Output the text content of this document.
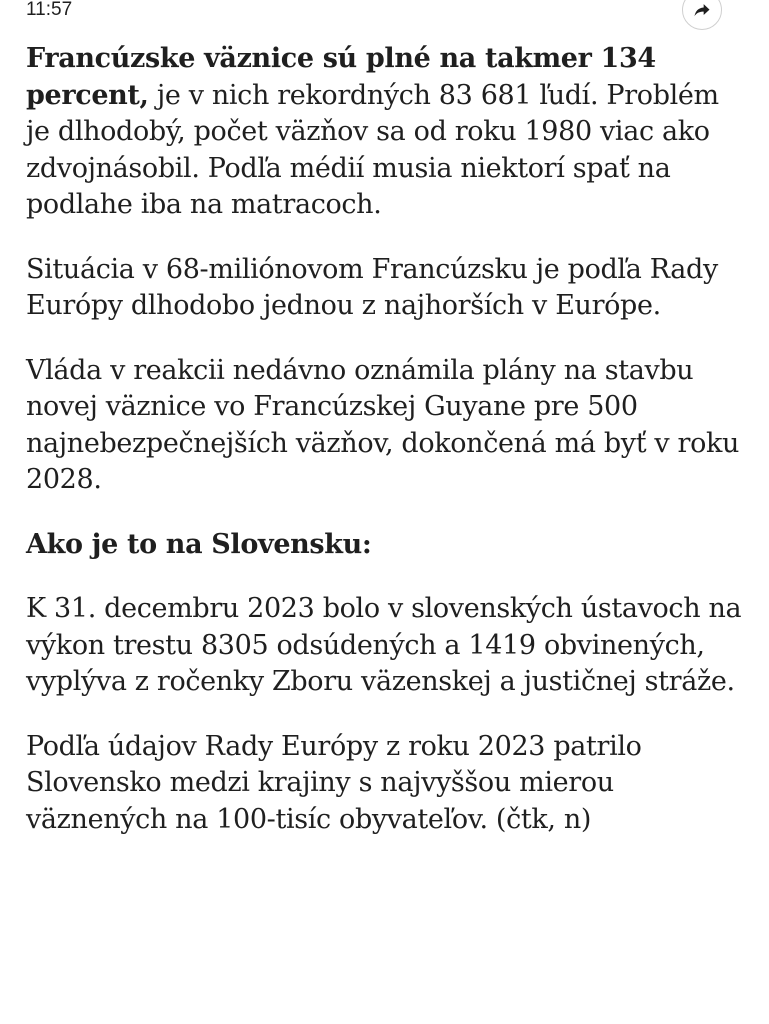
11:57

Francúzske väznice sú plné na takmer 134 percent, je v nich rekordných 83 681 ľudí. Problém je dlhodobý, počet väzňov sa od roku 1980 viac ako zdvojnásobil. Podľa médií musia niektorí spať na podlahe iba na matracoch.

Situácia v 68-miliónovom Francúzsku je podľa Rady Európy dlhodobo jednou z najhorších v Európe.

Vláda v reakcii nedávno oznámila plány na stavbu novej väznice vo Francúzskej Guyane pre 500 najnebezpečnejších väzňov, dokončená má byť v roku 2028.

Ako je to na Slovensku:

K 31. decembru 2023 bolo v slovenských ústavoch na výkon trestu 8305 odsúdených a 1419 obvinených, vyplýva z ročenky Zboru väzenskej a justičnej stráže.

Podľa údajov Rady Európy z roku 2023 patrilo Slovensko medzi krajiny s najvyššou mierou väznených na 100-tisíc obyvateľov. (čtk, n)
